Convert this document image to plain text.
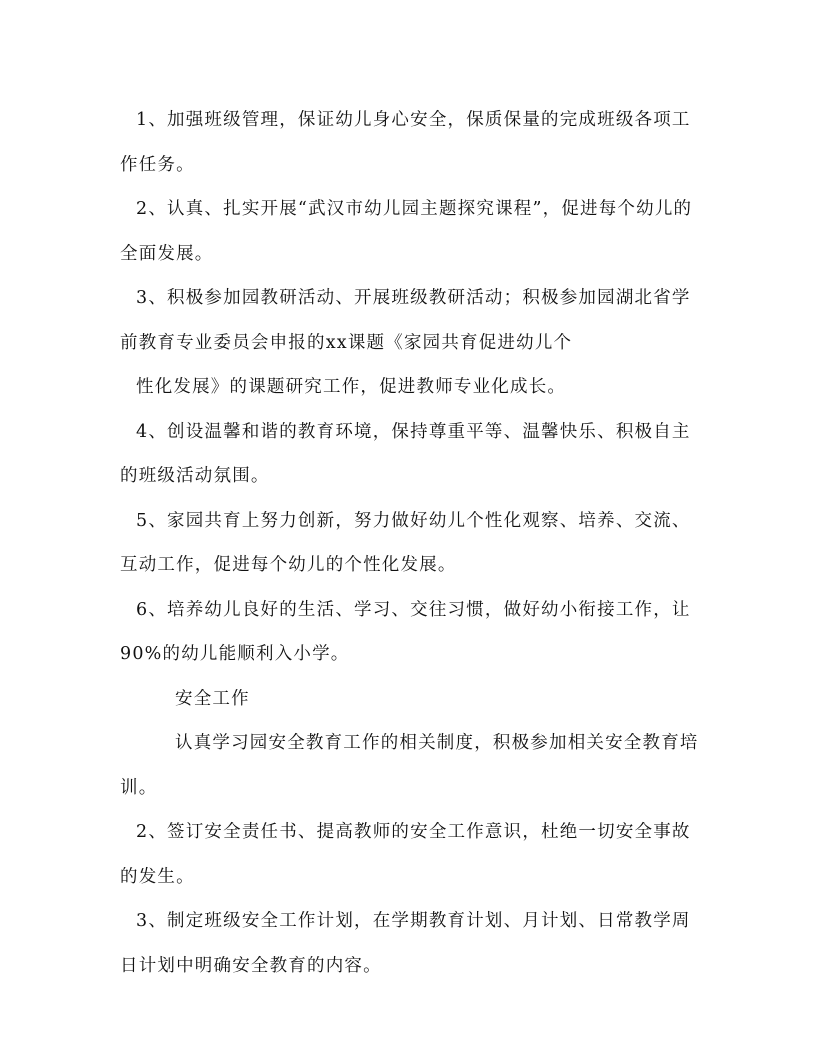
1、加强班级管理，保证幼儿身心安全，保质保量的完成班级各项工作任务。

2、认真、扎实开展“武汉市幼儿园主题探究课程”，促进每个幼儿的全面发展。

3、积极参加园教研活动、开展班级教研活动；积极参加园湖北省学前教育专业委员会申报的xx课题《家园共育促进幼儿个

性化发展》的课题研究工作，促进教师专业化成长。

4、创设温馨和谐的教育环境，保持尊重平等、温馨快乐、积极自主的班级活动氛围。

5、家园共育上努力创新，努力做好幼儿个性化观察、培养、交流、互动工作，促进每个幼儿的个性化发展。

6、培养幼儿良好的生活、学习、交往习惯，做好幼小衔接工作，让90%的幼儿能顺利入小学。

安全工作

认真学习园安全教育工作的相关制度，积极参加相关安全教育培训。

2、签订安全责任书、提高教师的安全工作意识，杜绝一切安全事故的发生。

3、制定班级安全工作计划，在学期教育计划、月计划、日常教学周日计划中明确安全教育的内容。
